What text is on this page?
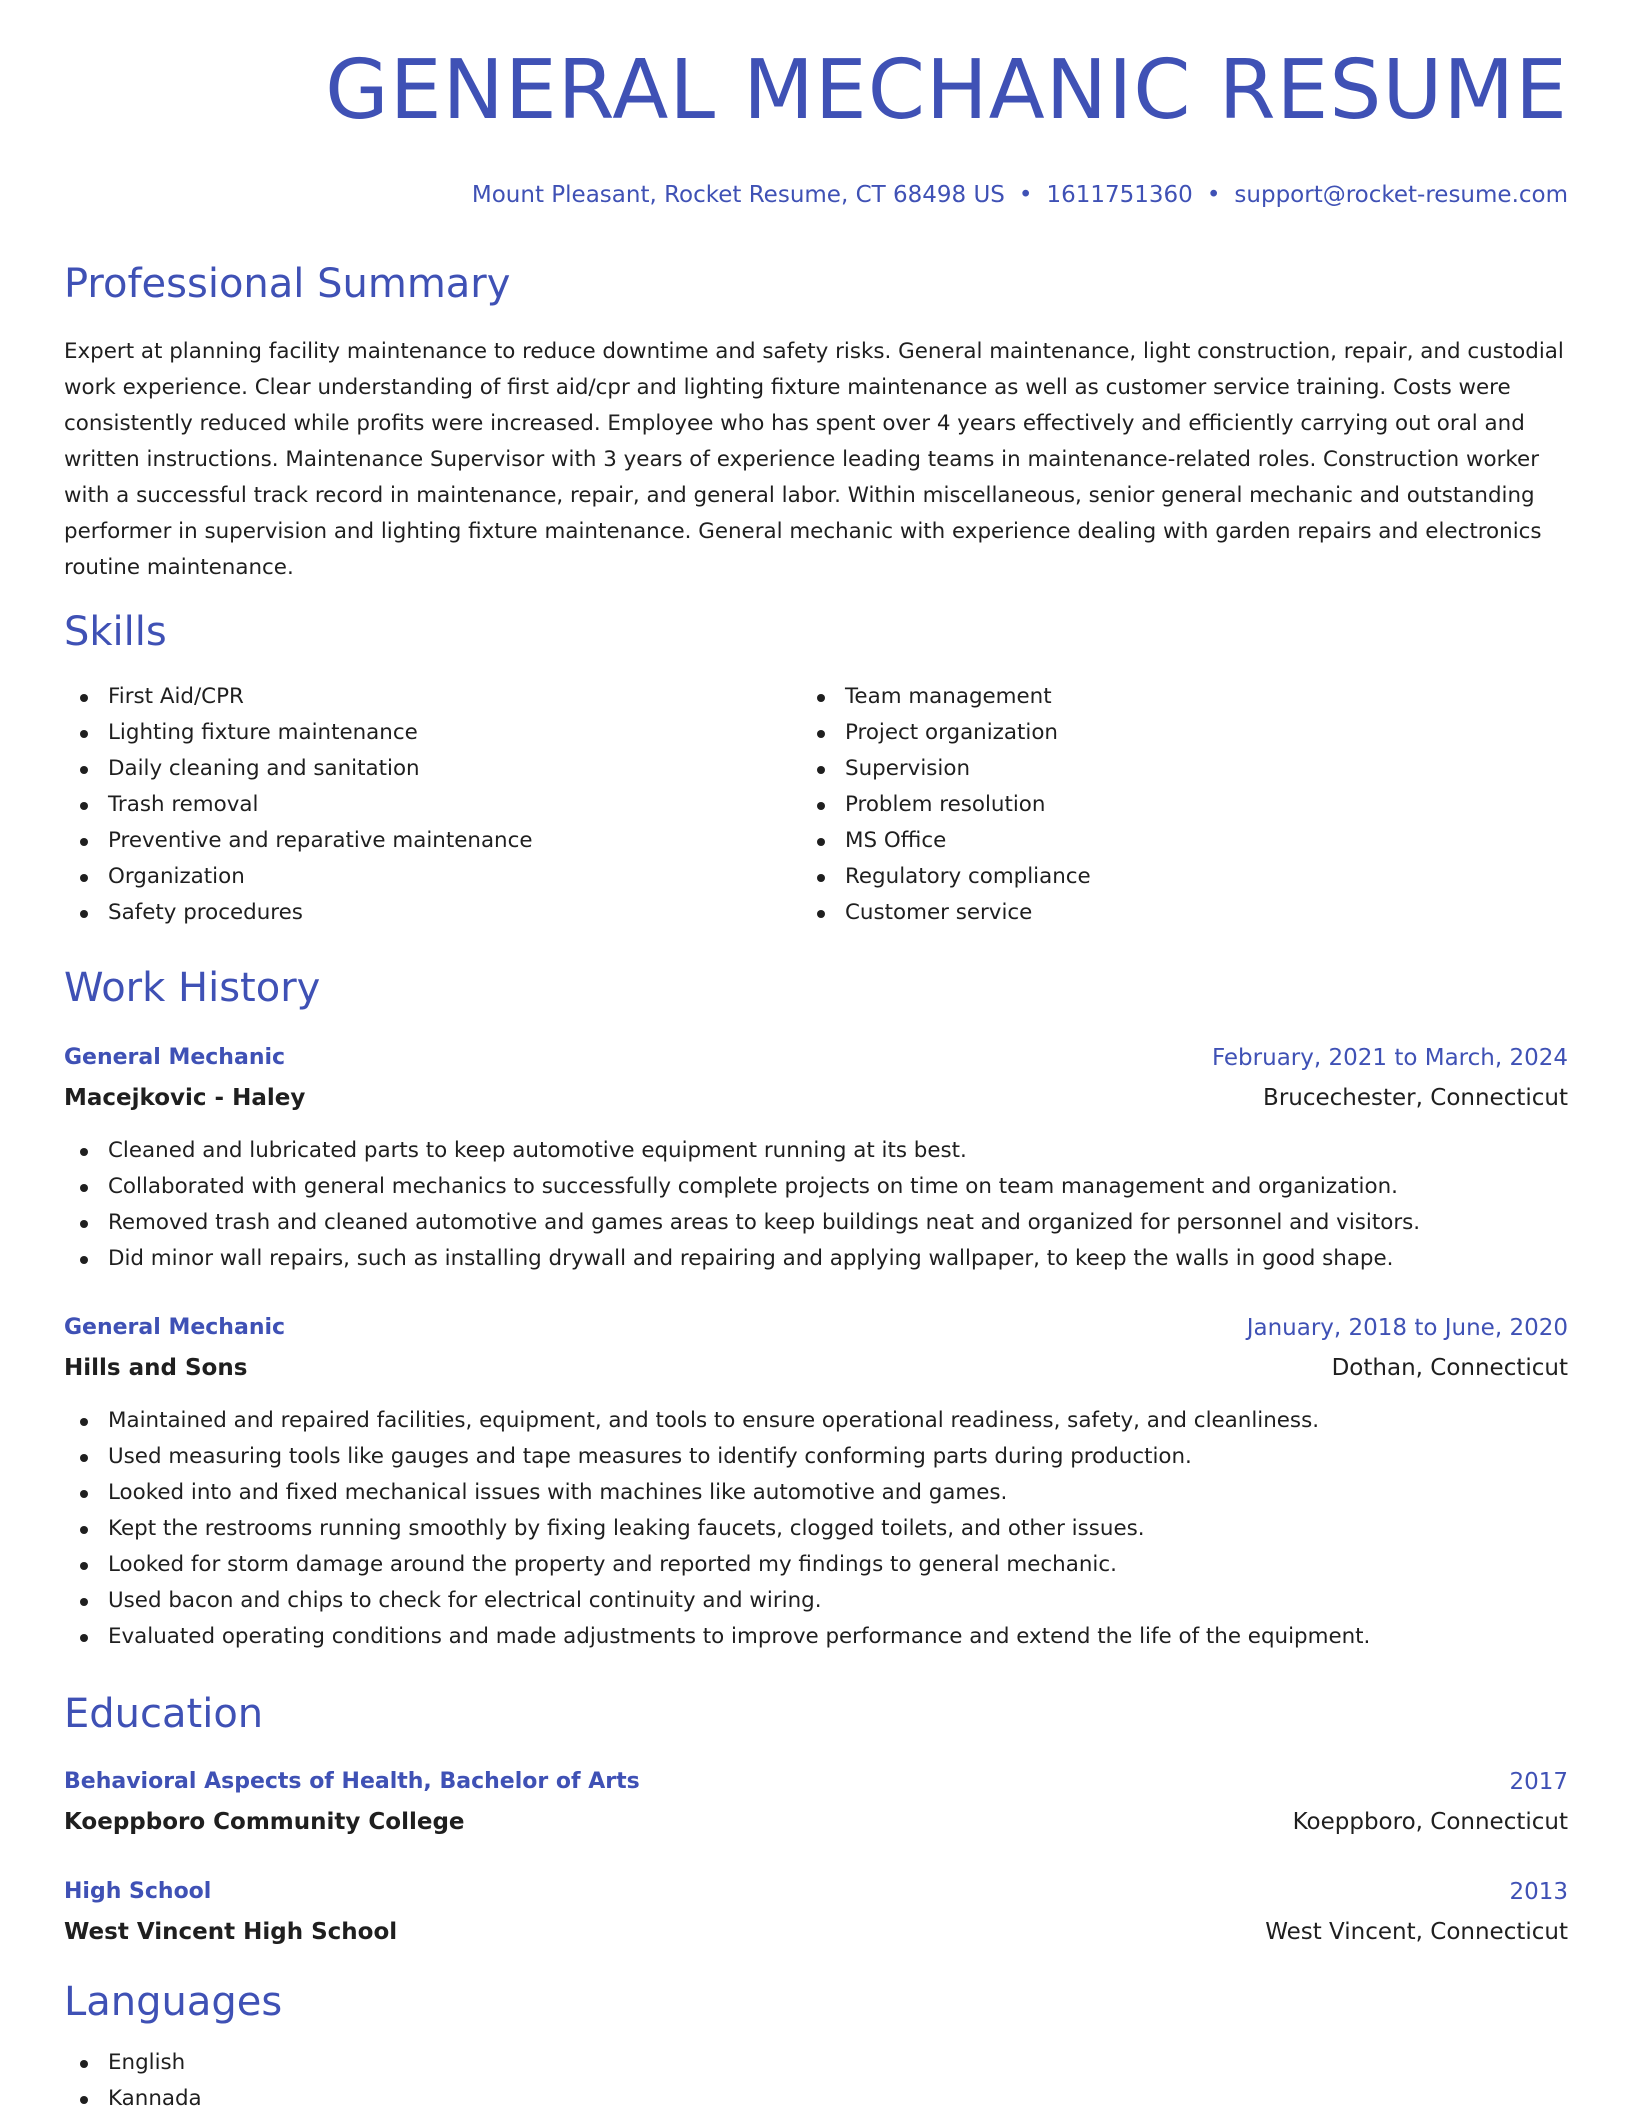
GENERAL MECHANIC RESUME
Mount Pleasant, Rocket Resume, CT 68498 US • 1611751360 • support@rocket-resume.com
Professional Summary

Expert at planning facility maintenance to reduce downtime and safety risks. General maintenance, light construction, repair, and custodial work experience. Clear understanding of first aid/cpr and lighting fixture maintenance as well as customer service training. Costs were consistently reduced while profits were increased. Employee who has spent over 4 years effectively and efficiently carrying out oral and written instructions. Maintenance Supervisor with 3 years of experience leading teams in maintenance-related roles. Construction worker with a successful track record in maintenance, repair, and general labor. Within miscellaneous, senior general mechanic and outstanding performer in supervision and lighting fixture maintenance. General mechanic with experience dealing with garden repairs and electronics routine maintenance.

Skills
First Aid/CPR
Lighting fixture maintenance
Daily cleaning and sanitation
Trash removal
Preventive and reparative maintenance
Organization
Safety procedures
Team management
Project organization
Supervision
Problem resolution
MS Office
Regulatory compliance
Customer service
Work History
General Mechanic	February, 2021 to March, 2024
Macejkovic - Haley	Brucechester, Connecticut
Cleaned and lubricated parts to keep automotive equipment running at its best.
Collaborated with general mechanics to successfully complete projects on time on team management and organization.
Removed trash and cleaned automotive and games areas to keep buildings neat and organized for personnel and visitors.
Did minor wall repairs, such as installing drywall and repairing and applying wallpaper, to keep the walls in good shape.
General Mechanic	January, 2018 to June, 2020
Hills and Sons	Dothan, Connecticut
Maintained and repaired facilities, equipment, and tools to ensure operational readiness, safety, and cleanliness.
Used measuring tools like gauges and tape measures to identify conforming parts during production.
Looked into and fixed mechanical issues with machines like automotive and games.
Kept the restrooms running smoothly by fixing leaking faucets, clogged toilets, and other issues.
Looked for storm damage around the property and reported my findings to general mechanic.
Used bacon and chips to check for electrical continuity and wiring.
Evaluated operating conditions and made adjustments to improve performance and extend the life of the equipment.
Education
Behavioral Aspects of Health, Bachelor of Arts	2017
Koeppboro Community College	Koeppboro, Connecticut
High School	2013
West Vincent High School	West Vincent, Connecticut
Languages
English
Kannada
